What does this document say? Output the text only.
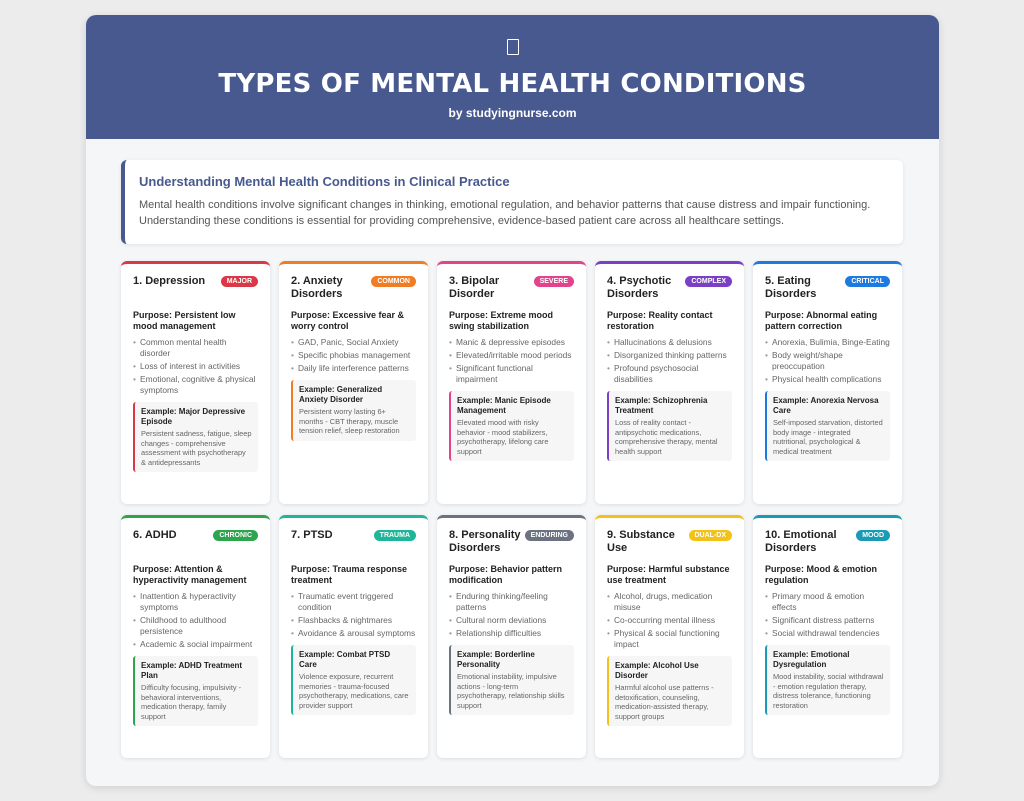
TYPES OF MENTAL HEALTH CONDITIONS
by studyingnurse.com
Understanding Mental Health Conditions in Clinical Practice

Mental health conditions involve significant changes in thinking, emotional regulation, and behavior patterns that cause distress and impair functioning. Understanding these conditions is essential for providing comprehensive, evidence-based patient care across all healthcare settings.

1. Depression	MAJOR
Purpose: Persistent low mood management
• Common mental health disorder
• Loss of interest in activities
• Emotional, cognitive & physical symptoms
Example: Major Depressive Episode
Persistent sadness, fatigue, sleep changes - comprehensive assessment with psychotherapy & antidepressants
2. Anxiety Disorders
COMMON
Purpose: Excessive fear & worry control
• GAD, Panic, Social Anxiety
• Specific phobias management
• Daily life interference patterns
Example: Generalized Anxiety Disorder
Persistent worry lasting 6+ months - CBT therapy, muscle tension relief, sleep restoration
3. Bipolar Disorder
SEVERE
Purpose: Extreme mood swing stabilization
• Manic & depressive episodes
• Elevated/irritable mood periods
• Significant functional impairment
Example: Manic Episode Management
Elevated mood with risky behavior - mood stabilizers, psychotherapy, lifelong care support
4. Psychotic Disorders
COMPLEX
Purpose: Reality contact restoration
• Hallucinations & delusions
• Disorganized thinking patterns
• Profound psychosocial disabilities
Example: Schizophrenia Treatment
Loss of reality contact - antipsychotic medications, comprehensive therapy, mental health support
5. Eating Disorders
CRITICAL
Purpose: Abnormal eating pattern correction
• Anorexia, Bulimia, Binge-Eating
• Body weight/shape preoccupation
• Physical health complications
Example: Anorexia Nervosa Care
Self-imposed starvation, distorted body image - integrated nutritional, psychological & medical treatment
6. ADHD	CHRONIC
Purpose: Attention & hyperactivity management
• Inattention & hyperactivity symptoms
• Childhood to adulthood persistence
• Academic & social impairment
Example: ADHD Treatment Plan
Difficulty focusing, impulsivity - behavioral interventions, medication therapy, family support
7. PTSD	TRAUMA
Purpose: Trauma response treatment
• Traumatic event triggered condition
• Flashbacks & nightmares
• Avoidance & arousal symptoms
Example: Combat PTSD Care
Violence exposure, recurrent memories - trauma-focused psychotherapy, medications, care provider support
8. Personality Disorders
ENDURING
Purpose: Behavior pattern modification
• Enduring thinking/feeling patterns
• Cultural norm deviations
• Relationship difficulties
Example: Borderline Personality
Emotional instability, impulsive actions - long-term psychotherapy, relationship skills support
9. Substance Use
DUAL-DX
Purpose: Harmful substance use treatment
• Alcohol, drugs, medication misuse
• Co-occurring mental illness
• Physical & social functioning impact
Example: Alcohol Use Disorder
Harmful alcohol use patterns - detoxification, counseling, medication-assisted therapy, support groups
10. Emotional Disorders
MOOD
Purpose: Mood & emotion regulation
• Primary mood & emotion effects
• Significant distress patterns
• Social withdrawal tendencies
Example: Emotional Dysregulation
Mood instability, social withdrawal - emotion regulation therapy, distress tolerance, functioning restoration
